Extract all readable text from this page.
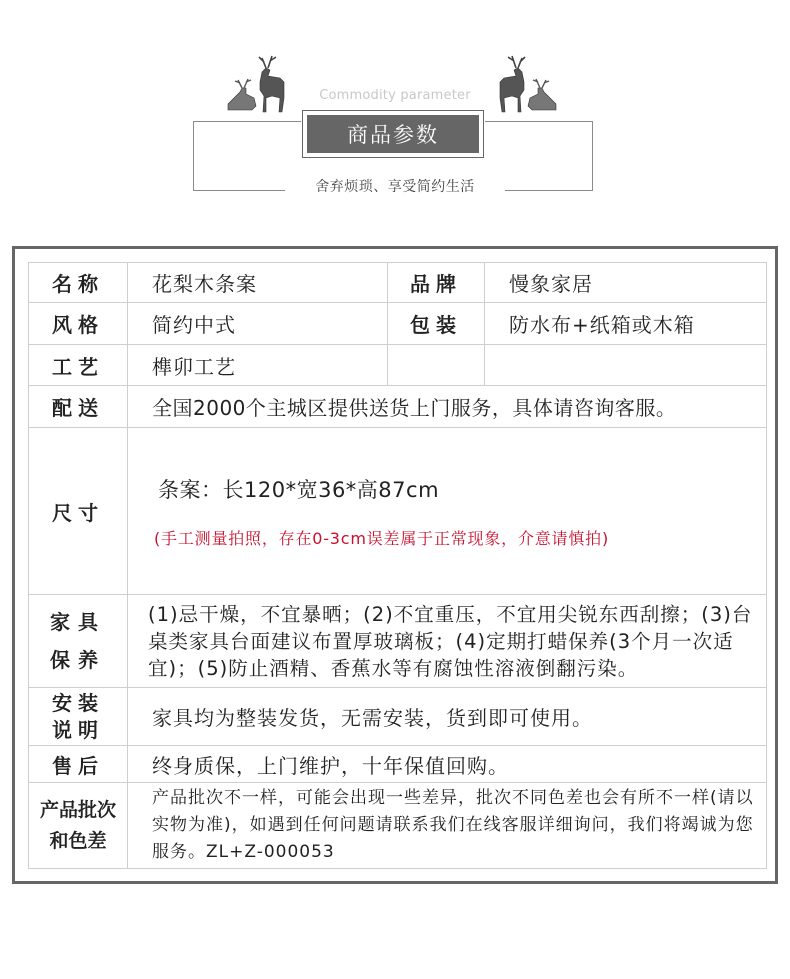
Commodity parameter
商品参数
舍弃烦琐、享受简约生活
名称	花梨木条案	品牌	慢象家居
风格	简约中式	包装	防水布+纸箱或木箱
工艺	榫卯工艺		
配送	全国2000个主城区提供送货上门服务，具体请咨询客服。		
尺寸	条案：长120*宽36*高87cm
(手工测量拍照，存在0-3cm误差属于正常现象，介意请慎拍)		

家具
保养	(1)忌干燥，不宜暴晒；(2)不宜重压，不宜用尖锐东西刮擦；(3)台桌类家具台面建议布置厚玻璃板；(4)定期打蜡保养(3个月一次适宜)；(5)防止酒精、香蕉水等有腐蚀性溶液倒翻污染。		

安装
说明	家具均为整装发货，无需安装，货到即可使用。		
售后	终身质保，上门维护，十年保值回购。		

产品批次
和色差	产品批次不一样，可能会出现一些差异，批次不同色差也会有所不一样(请以实物为准)，如遇到任何问题请联系我们在线客服详细询问，我们将竭诚为您服务。ZL+Z-000053		
